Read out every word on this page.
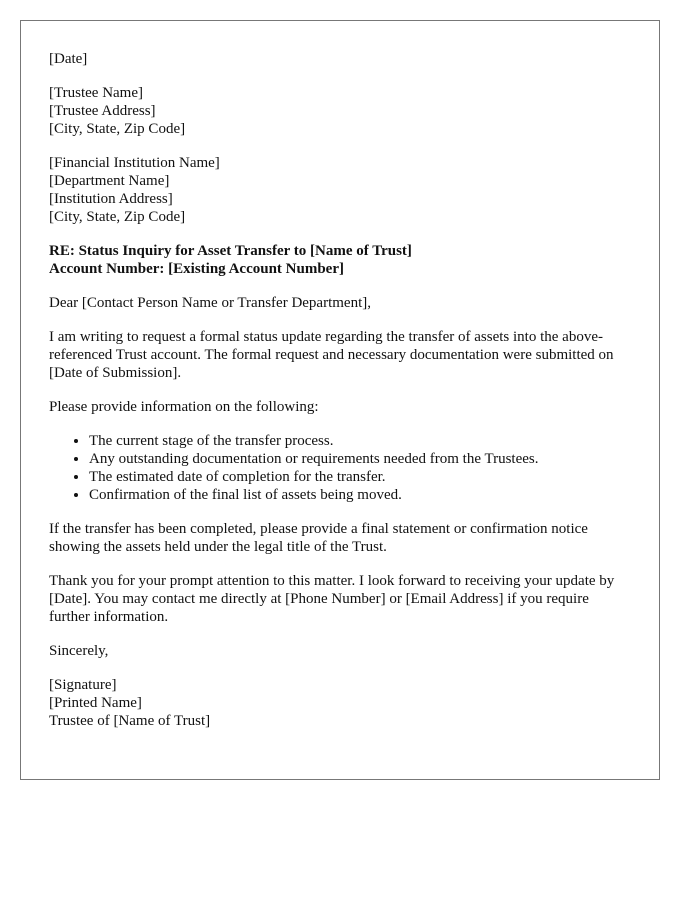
[Date]
[Trustee Name]
[Trustee Address]
[City, State, Zip Code]
[Financial Institution Name]
[Department Name]
[Institution Address]
[City, State, Zip Code]
RE: Status Inquiry for Asset Transfer to [Name of Trust]
Account Number: [Existing Account Number]

Dear [Contact Person Name or Transfer Department],

I am writing to request a formal status update regarding the transfer of assets into the above-referenced Trust account. The formal request and necessary documentation were submitted on [Date of Submission].

Please provide information on the following:

• The current stage of the transfer process.
• Any outstanding documentation or requirements needed from the Trustees.
• The estimated date of completion for the transfer.
• Confirmation of the final list of assets being moved.

If the transfer has been completed, please provide a final statement or confirmation notice showing the assets held under the legal title of the Trust.

Thank you for your prompt attention to this matter. I look forward to receiving your update by [Date]. You may contact me directly at [Phone Number] or [Email Address] if you require further information.

Sincerely,

[Signature]
[Printed Name]
Trustee of [Name of Trust]
